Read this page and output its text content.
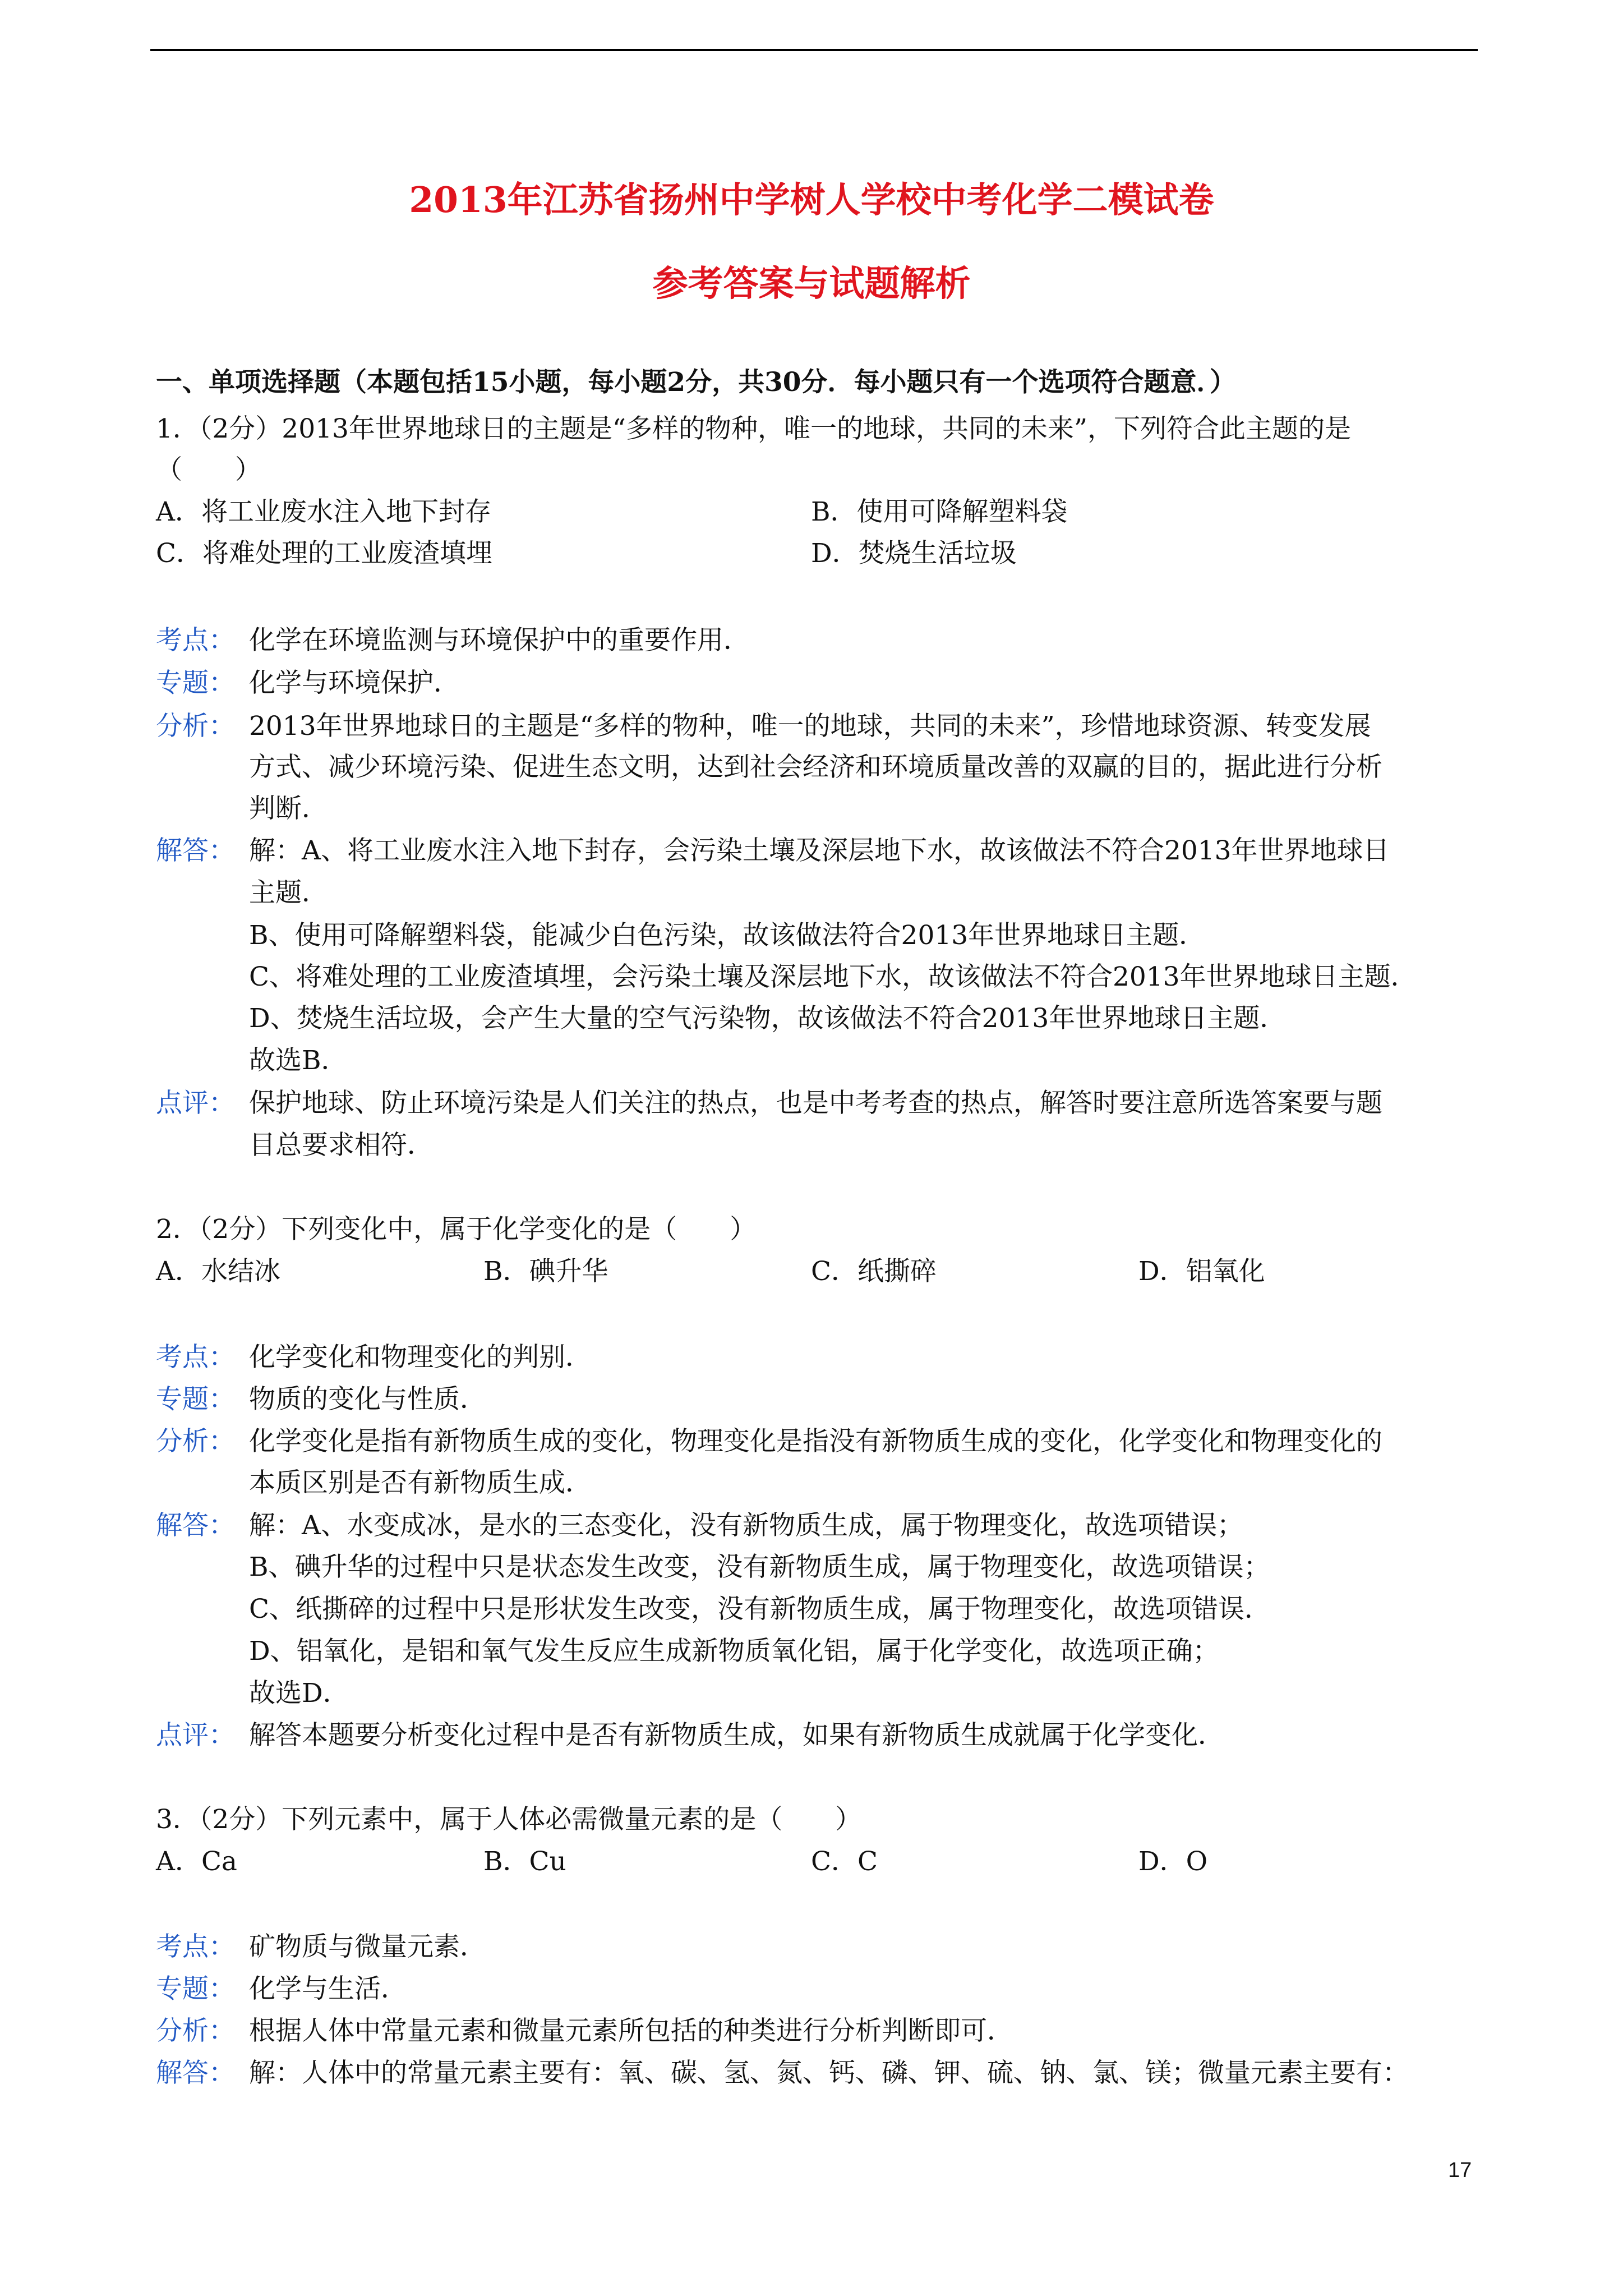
2013年江苏省扬州中学树人学校中考化学二模试卷
参考答案与试题解析
一、单项选择题（本题包括15小题，每小题2分，共30分．每小题只有一个选项符合题意．）
1．（2分）2013年世界地球日的主题是“多样的物种，唯一的地球，共同的未来”，下列符合此主题的是
（　　）
A．将工业废水注入地下封存	B．使用可降解塑料袋
C．将难处理的工业废渣填埋	D．焚烧生活垃圾
考点： 化学在环境监测与环境保护中的重要作用．
专题： 化学与环境保护．
分析： 2013年世界地球日的主题是“多样的物种，唯一的地球，共同的未来”，珍惜地球资源、转变发展
方式、减少环境污染、促进生态文明，达到社会经济和环境质量改善的双赢的目的，据此进行分析
判断．
解答： 解：A、将工业废水注入地下封存，会污染土壤及深层地下水，故该做法不符合2013年世界地球日
主题．
B、使用可降解塑料袋，能减少白色污染，故该做法符合2013年世界地球日主题．
C、将难处理的工业废渣填埋，会污染土壤及深层地下水，故该做法不符合2013年世界地球日主题．
D、焚烧生活垃圾，会产生大量的空气污染物，故该做法不符合2013年世界地球日主题．
故选B．
点评： 保护地球、防止环境污染是人们关注的热点，也是中考考查的热点，解答时要注意所选答案要与题
目总要求相符．
2．（2分）下列变化中，属于化学变化的是（　　）
A．水结冰	B．碘升华	C．纸撕碎	D．铝氧化
考点： 化学变化和物理变化的判别．
专题： 物质的变化与性质．
分析： 化学变化是指有新物质生成的变化，物理变化是指没有新物质生成的变化，化学变化和物理变化的
本质区别是否有新物质生成．
解答： 解：A、水变成冰，是水的三态变化，没有新物质生成，属于物理变化，故选项错误；
B、碘升华的过程中只是状态发生改变，没有新物质生成，属于物理变化，故选项错误；
C、纸撕碎的过程中只是形状发生改变，没有新物质生成，属于物理变化，故选项错误．
D、铝氧化，是铝和氧气发生反应生成新物质氧化铝，属于化学变化，故选项正确；
故选D．
点评： 解答本题要分析变化过程中是否有新物质生成，如果有新物质生成就属于化学变化．
3．（2分）下列元素中，属于人体必需微量元素的是（　　）
A．Ca	B．Cu	C．C	D．O
考点： 矿物质与微量元素．
专题： 化学与生活．
分析： 根据人体中常量元素和微量元素所包括的种类进行分析判断即可．
解答： 解：人体中的常量元素主要有：氧、碳、氢、氮、钙、磷、钾、硫、钠、氯、镁；微量元素主要有：
17
